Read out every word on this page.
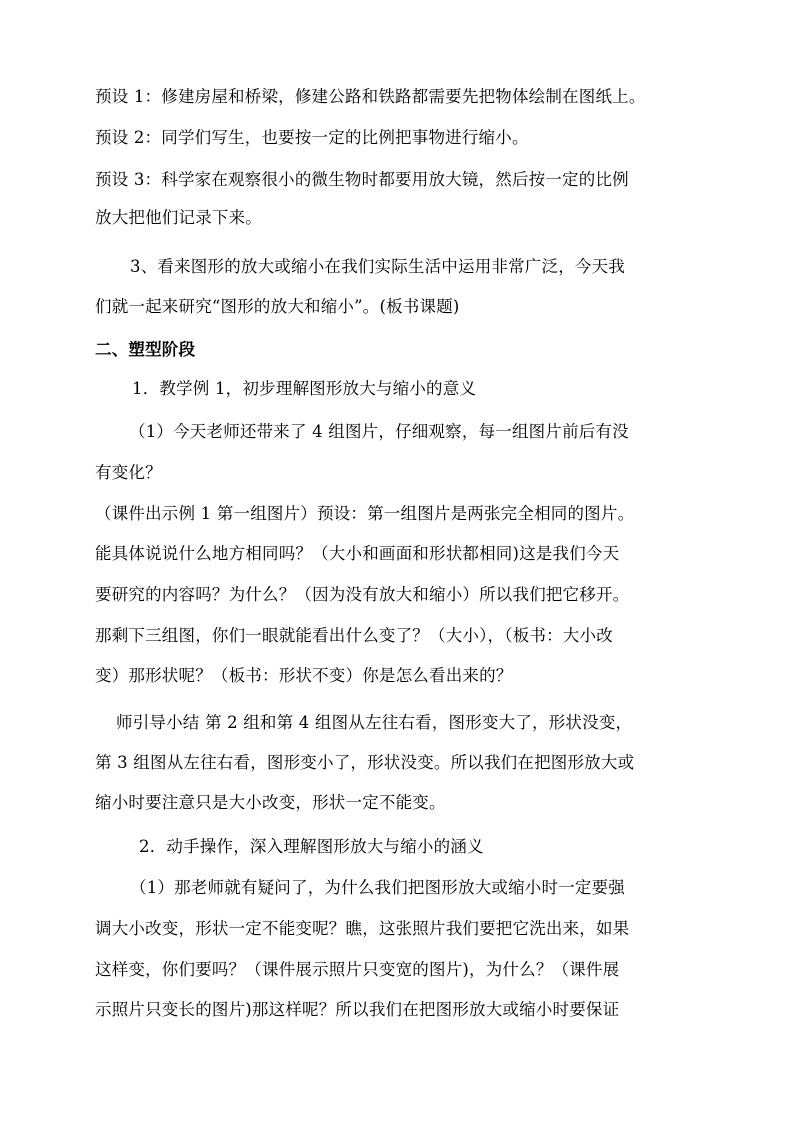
预设 1：修建房屋和桥梁，修建公路和铁路都需要先把物体绘制在图纸上。
预设 2：同学们写生，也要按一定的比例把事物进行缩小。
预设 3：科学家在观察很小的微生物时都要用放大镜，然后按一定的比例
放大把他们记录下来。
3、看来图形的放大或缩小在我们实际生活中运用非常广泛，今天我
们就一起来研究“图形的放大和缩小”。(板书课题)
二、塑型阶段
1．教学例 1，初步理解图形放大与缩小的意义
（1）今天老师还带来了 4 组图片，仔细观察，每一组图片前后有没
有变化？
（课件出示例 1 第一组图片）预设：第一组图片是两张完全相同的图片。
能具体说说什么地方相同吗？（大小和画面和形状都相同)这是我们今天
要研究的内容吗？为什么？（因为没有放大和缩小）所以我们把它移开。
那剩下三组图，你们一眼就能看出什么变了？（大小），（板书：大小改
变）那形状呢？（板书：形状不变）你是怎么看出来的？
师引导小结 第 2 组和第 4 组图从左往右看，图形变大了，形状没变，
第 3 组图从左往右看，图形变小了，形状没变。所以我们在把图形放大或
缩小时要注意只是大小改变，形状一定不能变。
2．动手操作，深入理解图形放大与缩小的涵义
（1）那老师就有疑问了，为什么我们把图形放大或缩小时一定要强
调大小改变，形状一定不能变呢？瞧，这张照片我们要把它洗出来，如果
这样变，你们要吗？（课件展示照片只变宽的图片)，为什么？（课件展
示照片只变长的图片)那这样呢？所以我们在把图形放大或缩小时要保证
